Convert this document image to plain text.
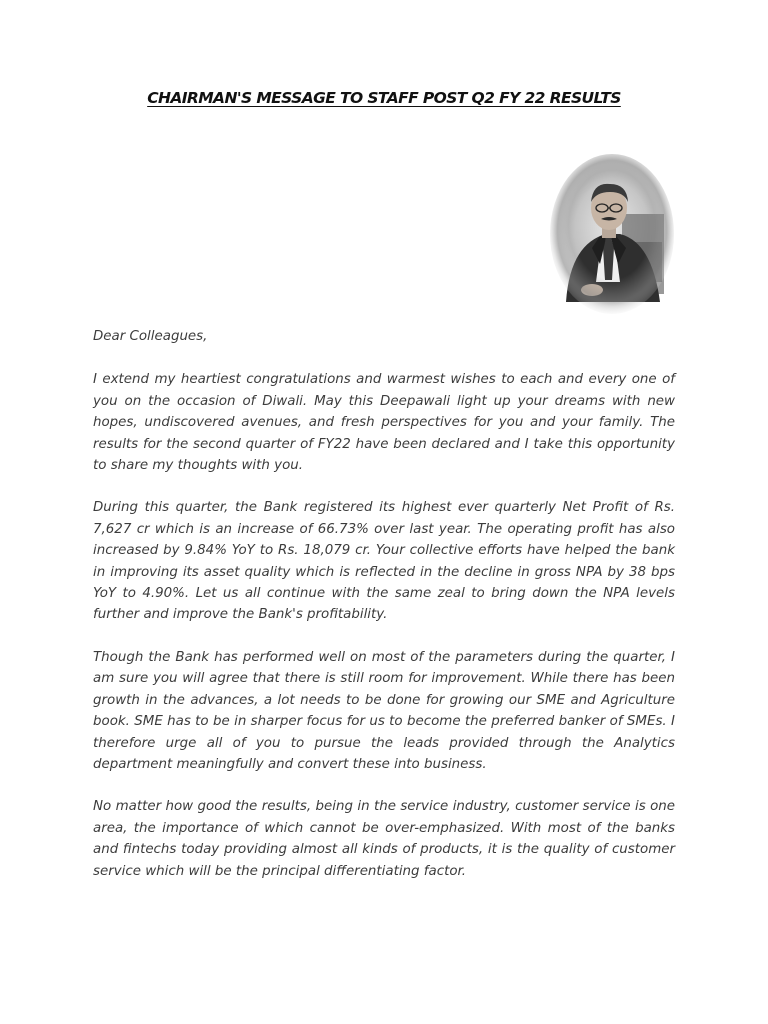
CHAIRMAN'S MESSAGE TO STAFF POST Q2 FY 22 RESULTS

Dear Colleagues,

I extend my heartiest congratulations and warmest wishes to each and every one of you on the occasion of Diwali. May this Deepawali light up your dreams with new hopes, undiscovered avenues, and fresh perspectives for you and your family. The results for the second quarter of FY22 have been declared and I take this opportunity to share my thoughts with you.

During this quarter, the Bank registered its highest ever quarterly Net Profit of Rs. 7,627 cr which is an increase of 66.73% over last year. The operating profit has also increased by 9.84% YoY to Rs. 18,079 cr. Your collective efforts have helped the bank in improving its asset quality which is reflected in the decline in gross NPA by 38 bps YoY to 4.90%. Let us all continue with the same zeal to bring down the NPA levels further and improve the Bank's profitability.

Though the Bank has performed well on most of the parameters during the quarter, I am sure you will agree that there is still room for improvement. While there has been growth in the advances, a lot needs to be done for growing our SME and Agriculture book. SME has to be in sharper focus for us to become the preferred banker of SMEs. I therefore urge all of you to pursue the leads provided through the Analytics department meaningfully and convert these into business.

No matter how good the results, being in the service industry, customer service is one area, the importance of which cannot be over-emphasized. With most of the banks and fintechs today providing almost all kinds of products, it is the quality of customer service which will be the principal differentiating factor.
